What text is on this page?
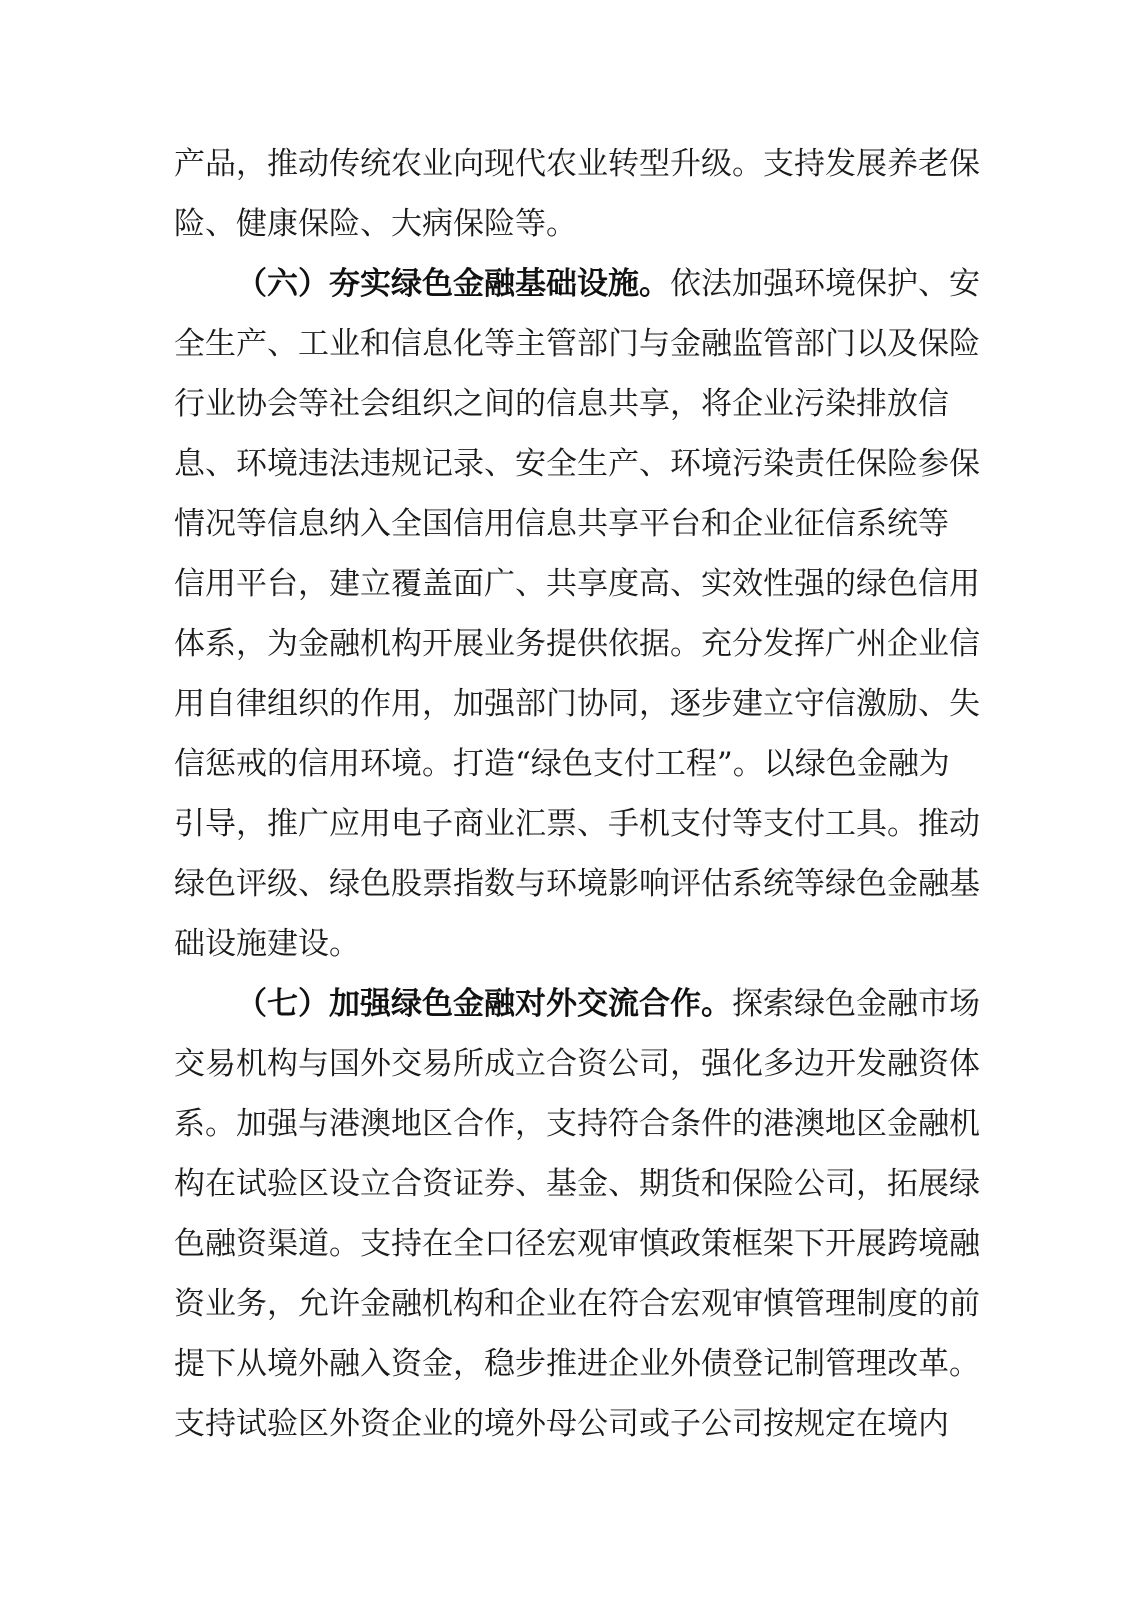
产品，推动传统农业向现代农业转型升级。支持发展养老保
险、健康保险、大病保险等。
（六）夯实绿色金融基础设施。依法加强环境保护、安
全生产、工业和信息化等主管部门与金融监管部门以及保险
行业协会等社会组织之间的信息共享，将企业污染排放信
息、环境违法违规记录、安全生产、环境污染责任保险参保
情况等信息纳入全国信用信息共享平台和企业征信系统等
信用平台，建立覆盖面广、共享度高、实效性强的绿色信用
体系，为金融机构开展业务提供依据。充分发挥广州企业信
用自律组织的作用，加强部门协同，逐步建立守信激励、失
信惩戒的信用环境。打造“绿色支付工程”。以绿色金融为
引导，推广应用电子商业汇票、手机支付等支付工具。推动
绿色评级、绿色股票指数与环境影响评估系统等绿色金融基
础设施建设。
（七）加强绿色金融对外交流合作。探索绿色金融市场
交易机构与国外交易所成立合资公司，强化多边开发融资体
系。加强与港澳地区合作，支持符合条件的港澳地区金融机
构在试验区设立合资证券、基金、期货和保险公司，拓展绿
色融资渠道。支持在全口径宏观审慎政策框架下开展跨境融
资业务，允许金融机构和企业在符合宏观审慎管理制度的前
提下从境外融入资金，稳步推进企业外债登记制管理改革。
支持试验区外资企业的境外母公司或子公司按规定在境内
